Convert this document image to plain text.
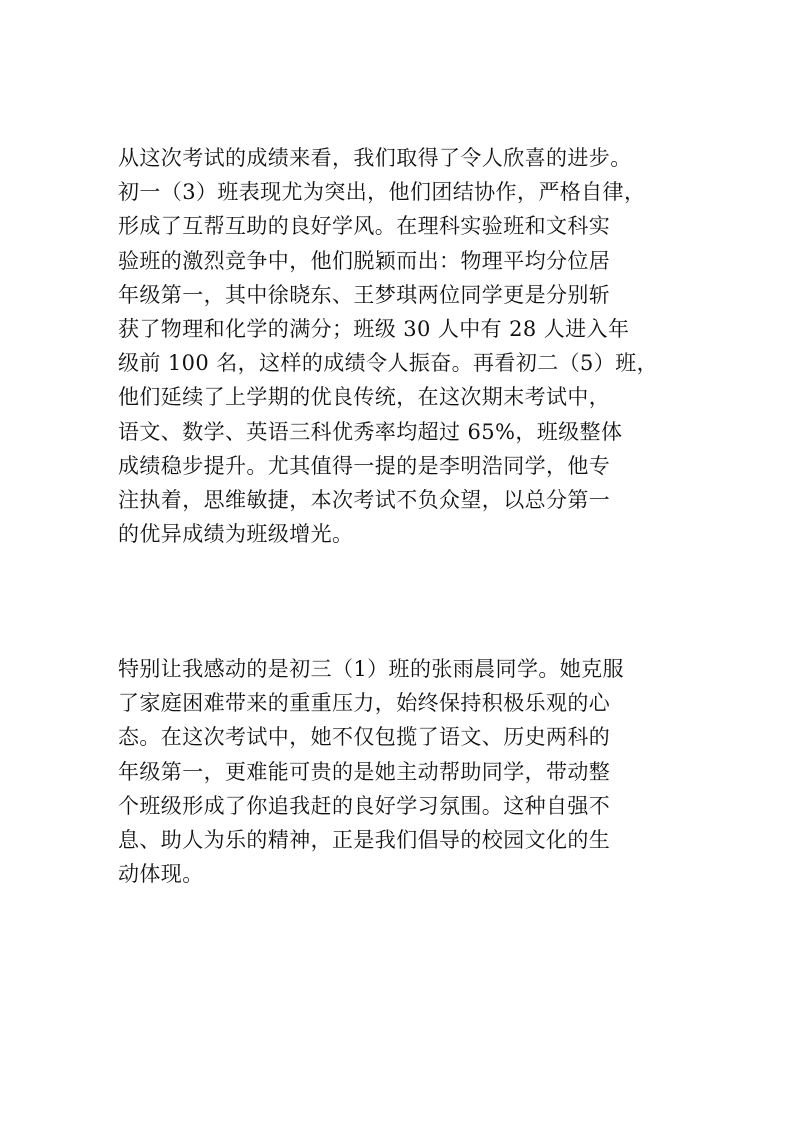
从这次考试的成绩来看，我们取得了令人欣喜的进步。

初一（3）班表现尤为突出，他们团结协作，严格自律，

形成了互帮互助的良好学风。在理科实验班和文科实

验班的激烈竞争中，他们脱颖而出：物理平均分位居

年级第一，其中徐晓东、王梦琪两位同学更是分别斩

获了物理和化学的满分；班级 30 人中有 28 人进入年

级前 100 名，这样的成绩令人振奋。再看初二（5）班，

他们延续了上学期的优良传统，在这次期末考试中，

语文、数学、英语三科优秀率均超过 65%，班级整体

成绩稳步提升。尤其值得一提的是李明浩同学，他专

注执着，思维敏捷，本次考试不负众望，以总分第一

的优异成绩为班级增光。

特别让我感动的是初三（1）班的张雨晨同学。她克服

了家庭困难带来的重重压力，始终保持积极乐观的心

态。在这次考试中，她不仅包揽了语文、历史两科的

年级第一，更难能可贵的是她主动帮助同学，带动整

个班级形成了你追我赶的良好学习氛围。这种自强不

息、助人为乐的精神，正是我们倡导的校园文化的生

动体现。
